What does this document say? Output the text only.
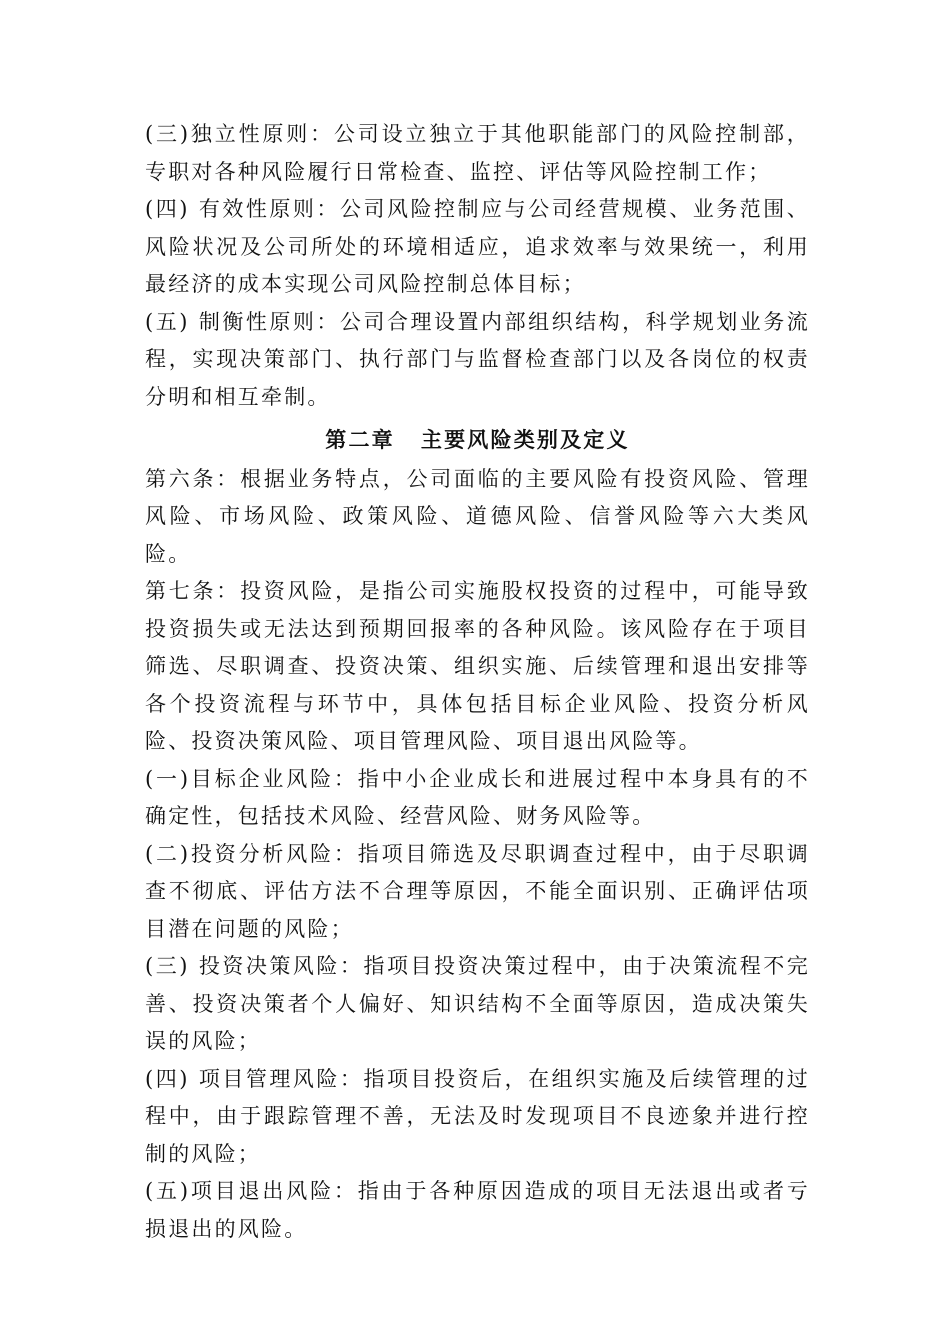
(三)独立性原则：公司设立独立于其他职能部门的风险控制部，专职对各种风险履行日常检查、监控、评估等风险控制工作；

(四) 有效性原则：公司风险控制应与公司经营规模、业务范围、风险状况及公司所处的环境相适应，追求效率与效果统一，利用最经济的成本实现公司风险控制总体目标；

(五) 制衡性原则：公司合理设置内部组织结构，科学规划业务流程，实现决策部门、执行部门与监督检查部门以及各岗位的权责分明和相互牵制。

第二章 主要风险类别及定义

第六条：根据业务特点，公司面临的主要风险有投资风险、管理风险、市场风险、政策风险、道德风险、信誉风险等六大类风险。

第七条：投资风险，是指公司实施股权投资的过程中，可能导致投资损失或无法达到预期回报率的各种风险。该风险存在于项目筛选、尽职调查、投资决策、组织实施、后续管理和退出安排等各个投资流程与环节中，具体包括目标企业风险、投资分析风险、投资决策风险、项目管理风险、项目退出风险等。

(一)目标企业风险：指中小企业成长和进展过程中本身具有的不确定性，包括技术风险、经营风险、财务风险等。

(二)投资分析风险：指项目筛选及尽职调查过程中，由于尽职调查不彻底、评估方法不合理等原因，不能全面识别、正确评估项目潜在问题的风险；

(三) 投资决策风险：指项目投资决策过程中，由于决策流程不完善、投资决策者个人偏好、知识结构不全面等原因，造成决策失误的风险；

(四) 项目管理风险：指项目投资后，在组织实施及后续管理的过程中，由于跟踪管理不善，无法及时发现项目不良迹象并进行控制的风险；

(五)项目退出风险：指由于各种原因造成的项目无法退出或者亏损退出的风险。
